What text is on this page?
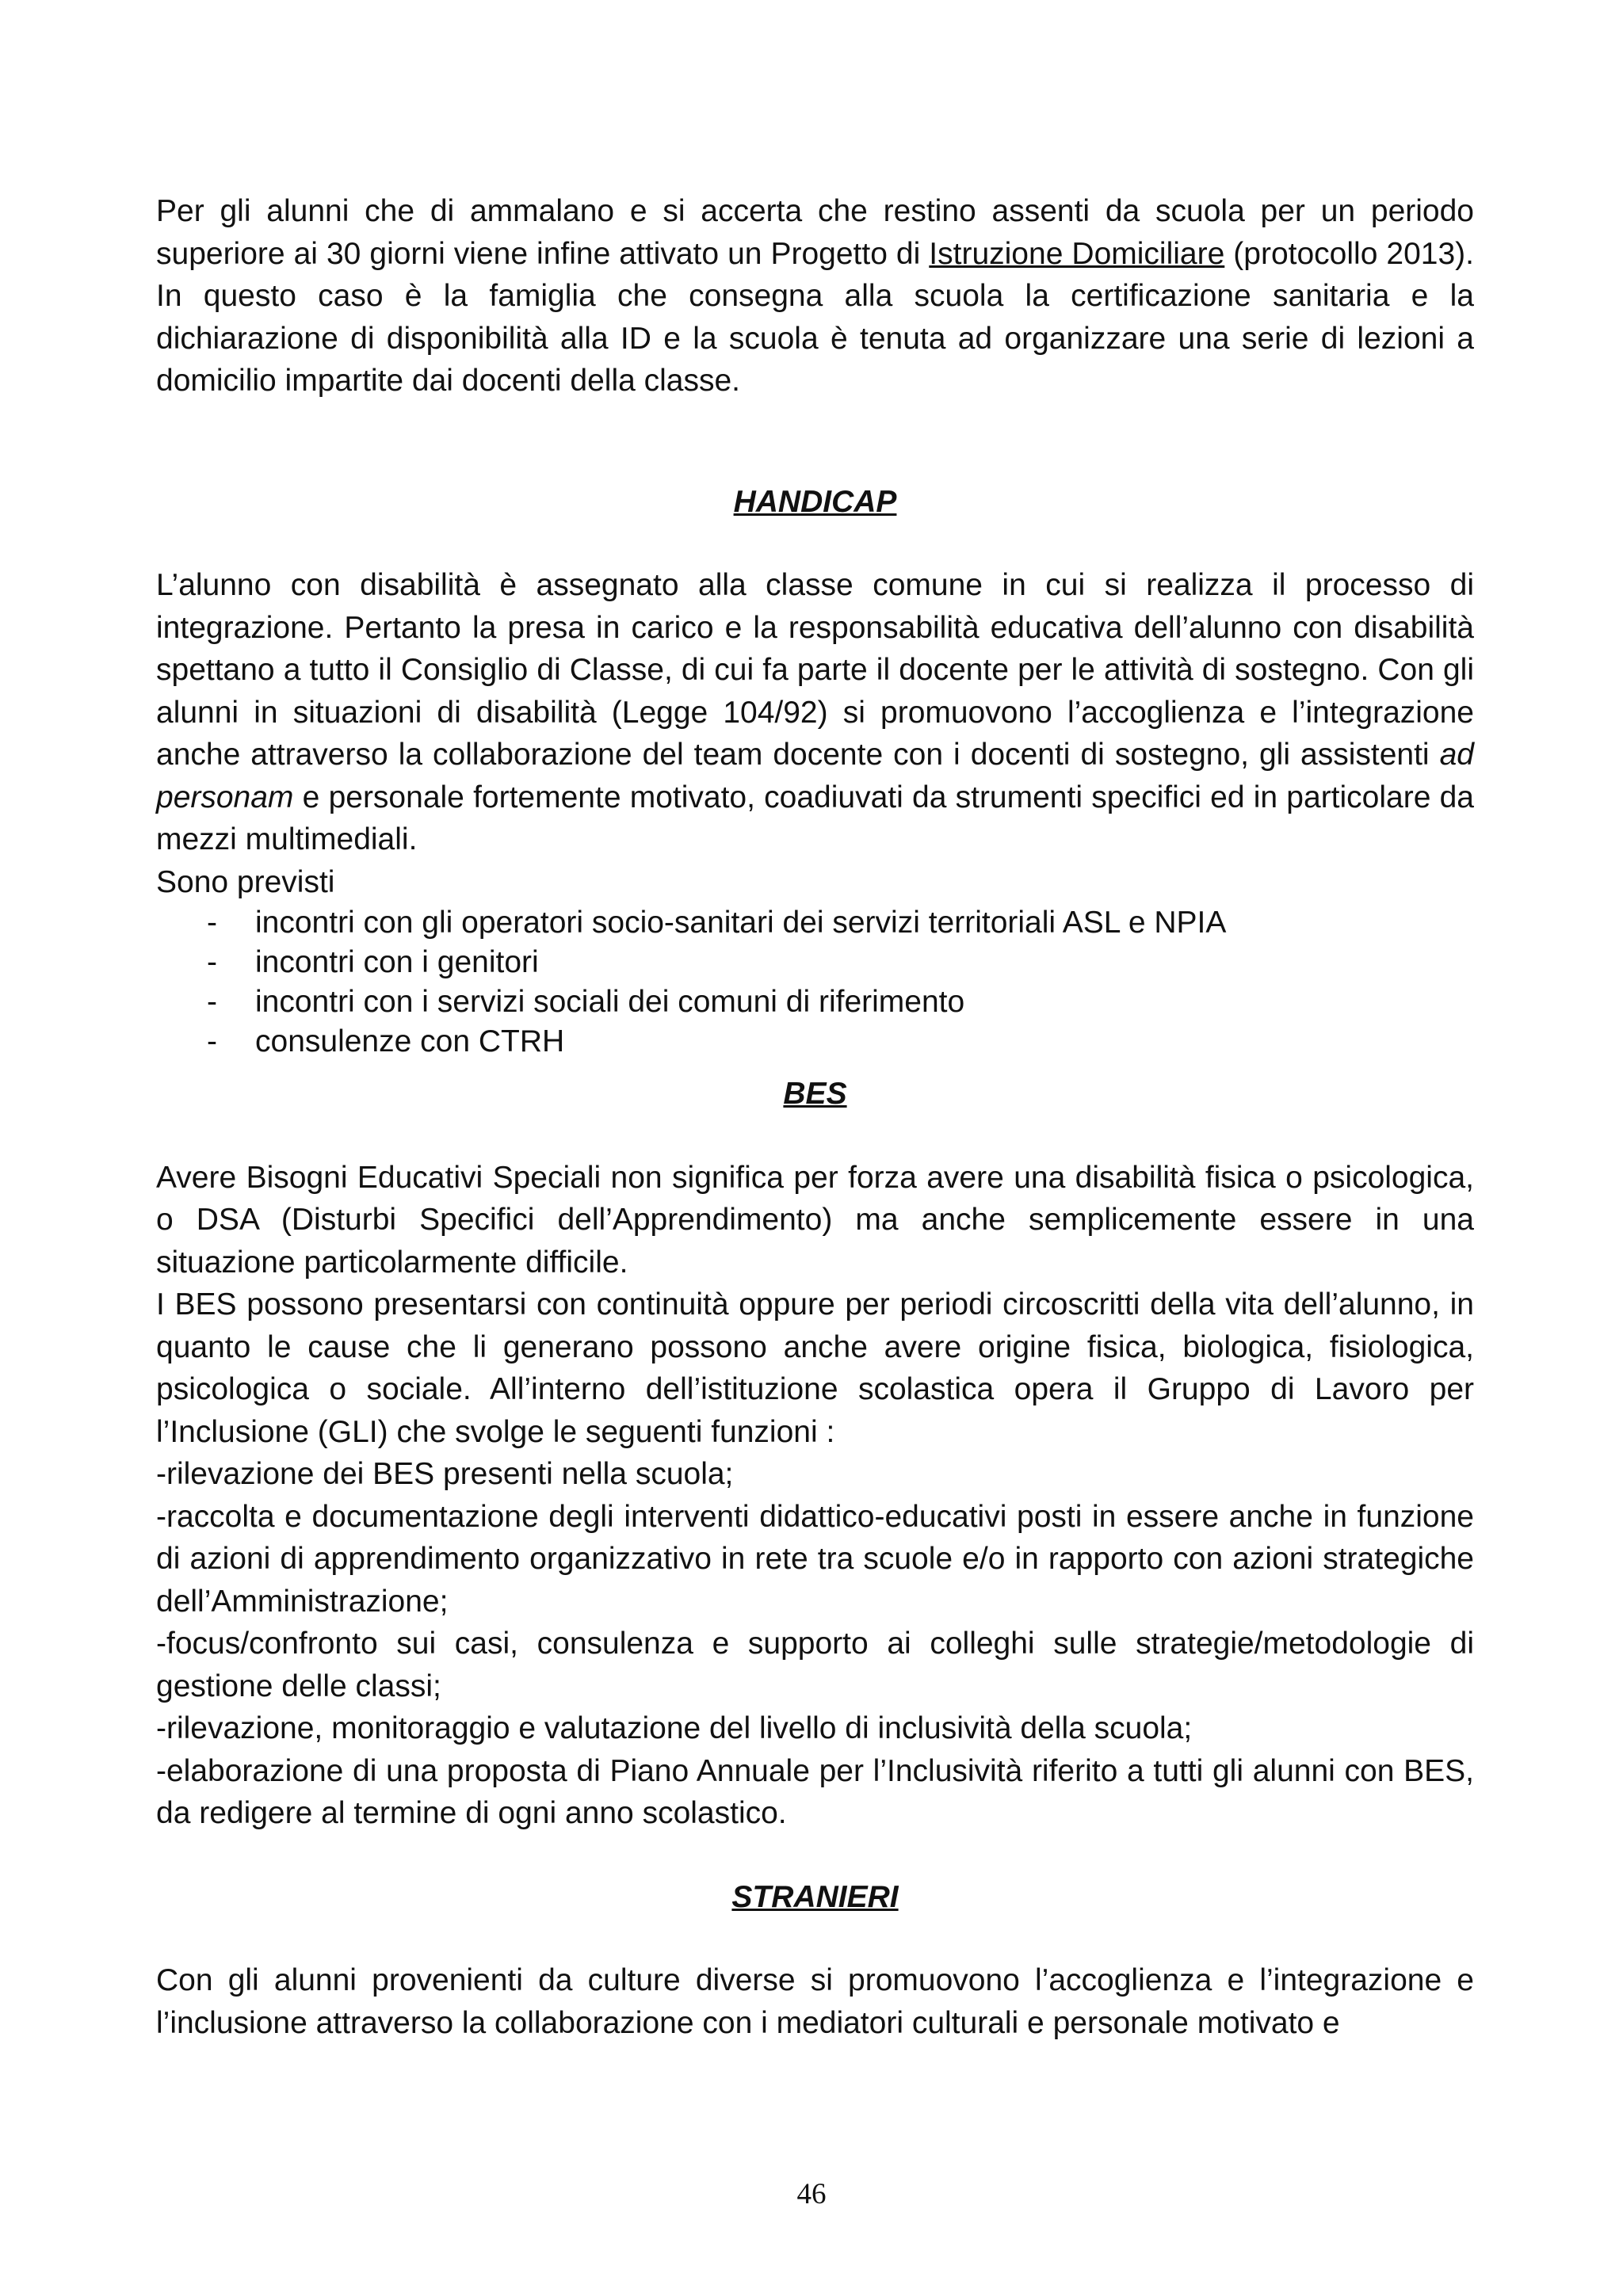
Per gli alunni che di ammalano e si accerta che restino assenti da scuola per un periodo superiore ai 30 giorni viene infine attivato un Progetto di Istruzione Domiciliare (protocollo 2013). In questo caso è la famiglia che consegna alla scuola la certificazione sanitaria e la dichiarazione di disponibilità alla ID e la scuola è tenuta ad organizzare una serie di lezioni a domicilio impartite dai docenti della classe.

HANDICAP

L’alunno con disabilità è assegnato alla classe comune in cui si realizza il processo di integrazione. Pertanto la presa in carico e la responsabilità educativa dell’alunno con disabilità spettano a tutto il Consiglio di Classe, di cui fa parte il docente per le attività di sostegno. Con gli alunni in situazioni di disabilità (Legge 104/92) si promuovono l’accoglienza e l’integrazione anche attraverso la collaborazione del team docente con i docenti di sostegno, gli assistenti ad personam e personale fortemente motivato, coadiuvati da strumenti specifici ed in particolare da mezzi multimediali.

Sono previsti

- incontri con gli operatori socio-sanitari dei servizi territoriali ASL e NPIA
- incontri con i genitori
- incontri con i servizi sociali dei comuni di riferimento
- consulenze con CTRH
BES

Avere Bisogni Educativi Speciali non significa per forza avere una disabilità fisica o psicologica, o DSA (Disturbi Specifici dell’Apprendimento) ma anche semplicemente essere in una situazione particolarmente difficile.

I BES possono presentarsi con continuità oppure per periodi circoscritti della vita dell’alunno, in quanto le cause che li generano possono anche avere origine fisica, biologica, fisiologica, psicologica o sociale. All’interno dell’istituzione scolastica opera il Gruppo di Lavoro per l’Inclusione (GLI) che svolge le seguenti funzioni :

-rilevazione dei BES presenti nella scuola;

-raccolta e documentazione degli interventi didattico-educativi posti in essere anche in funzione di azioni di apprendimento organizzativo in rete tra scuole e/o in rapporto con azioni strategiche dell’Amministrazione;

-focus/confronto sui casi, consulenza e supporto ai colleghi sulle strategie/metodologie di gestione delle classi;

-rilevazione, monitoraggio e valutazione del livello di inclusività della scuola;

-elaborazione di una proposta di Piano Annuale per l’Inclusività riferito a tutti gli alunni con BES, da redigere al termine di ogni anno scolastico.

STRANIERI

Con gli alunni provenienti da culture diverse si promuovono l’accoglienza e l’integrazione e l’inclusione attraverso la collaborazione con i mediatori culturali e personale motivato e

46
